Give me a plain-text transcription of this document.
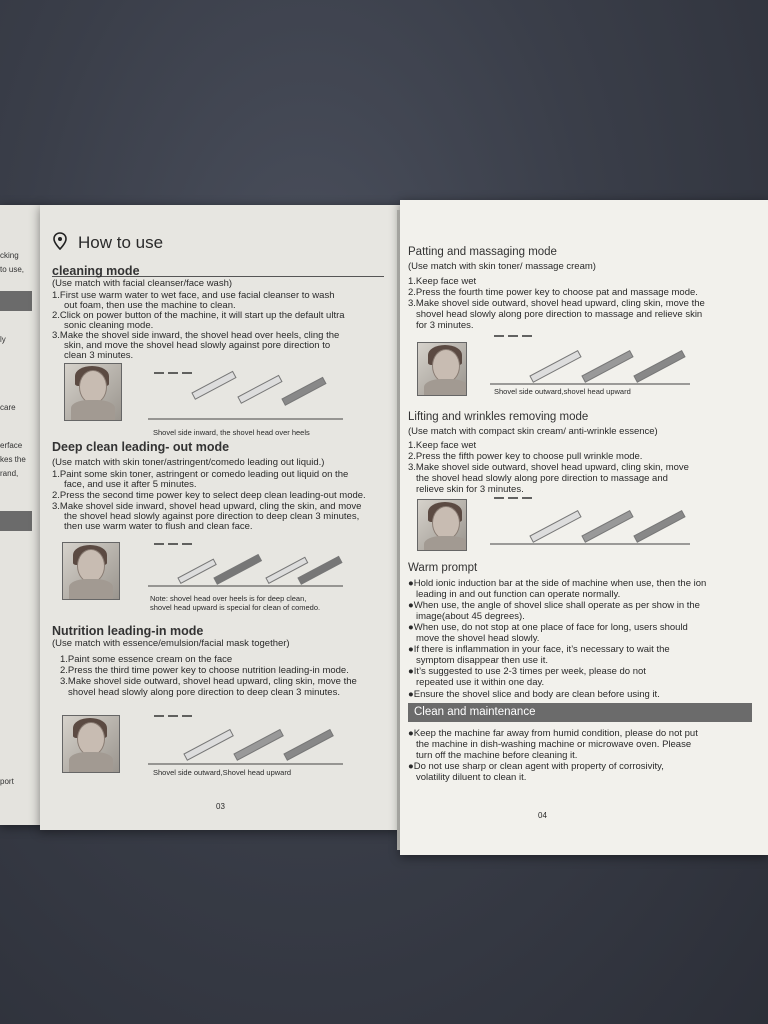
cking
to use,
ly
care
erface
kes the
rand,
port
How to use
cleaning mode
(Use match with facial cleanser/face wash)
1.First use warm water to wet face, and use facial cleanser to wash
out foam, then use the machine to clean.
2.Click on power button of the machine, it will start up the default ultra
sonic cleaning mode.
3.Make the shovel side inward, the shovel head over heels, cling the
skin, and move the shovel head slowly against pore direction to
clean 3 minutes.
Shovel side inward, the shovel head over heels
Deep clean leading- out mode
(Use match with skin toner/astringent/comedo leading out liquid.)
1.Paint some skin toner, astringent or comedo leading out liquid on the
face, and use it after 5 minutes.
2.Press the second time power key to select deep clean leading-out mode.
3.Make shovel side inward, shovel head upward, cling the skin, and move
the shovel head slowly against pore direction to deep clean 3 minutes,
then use warm water to flush and clean face.
Note: shovel head over heels is for deep clean,
shovel head upward is special for clean of comedo.
Nutrition leading-in mode
(Use match with essence/emulsion/facial mask together)
1.Paint some essence cream on the face
2.Press the third time power key to choose nutrition leading-in mode.
3.Make shovel side outward, shovel head upward, cling skin, move the
shovel head slowly along pore direction to deep clean 3 minutes.
Shovel side outward,Shovel head upward
03
Patting and massaging mode
(Use match with skin toner/ massage cream)
1.Keep face wet
2.Press the fourth time power key to choose pat and massage mode.
3.Make shovel side outward, shovel head upward, cling skin, move the
shovel head slowly along pore direction to massage and relieve skin
for 3 minutes.
Shovel side outward,shovel head upward
Lifting and wrinkles removing mode
(Use match with compact skin cream/ anti-wrinkle essence)
1.Keep face wet
2.Press the fifth power key to choose pull wrinkle mode.
3.Make shovel side outward, shovel head upward, cling skin, move
the shovel head slowly along pore direction to massage and
relieve skin for 3 minutes.
Warm prompt
●Hold ionic induction bar at the side of machine when use, then the ion
leading in and out function can operate normally.
●When use, the angle of shovel slice shall operate as per show in the
image(about 45 degrees).
●When use, do not stop at one place of face for long, users should
move the shovel head slowly.
●If there is inflammation in your face, it’s necessary to wait the
symptom disappear then use it.
●It’s suggested to use 2-3 times per week, please do not
repeated use it within one day.
●Ensure the shovel slice and body are clean before using it.
Clean and maintenance
●Keep the machine far away from humid condition, please do not put
the machine in dish-washing machine or microwave oven. Please
turn off the machine before cleaning it.
●Do not use sharp or clean agent with property of corrosivity,
volatility diluent to clean it.
04
